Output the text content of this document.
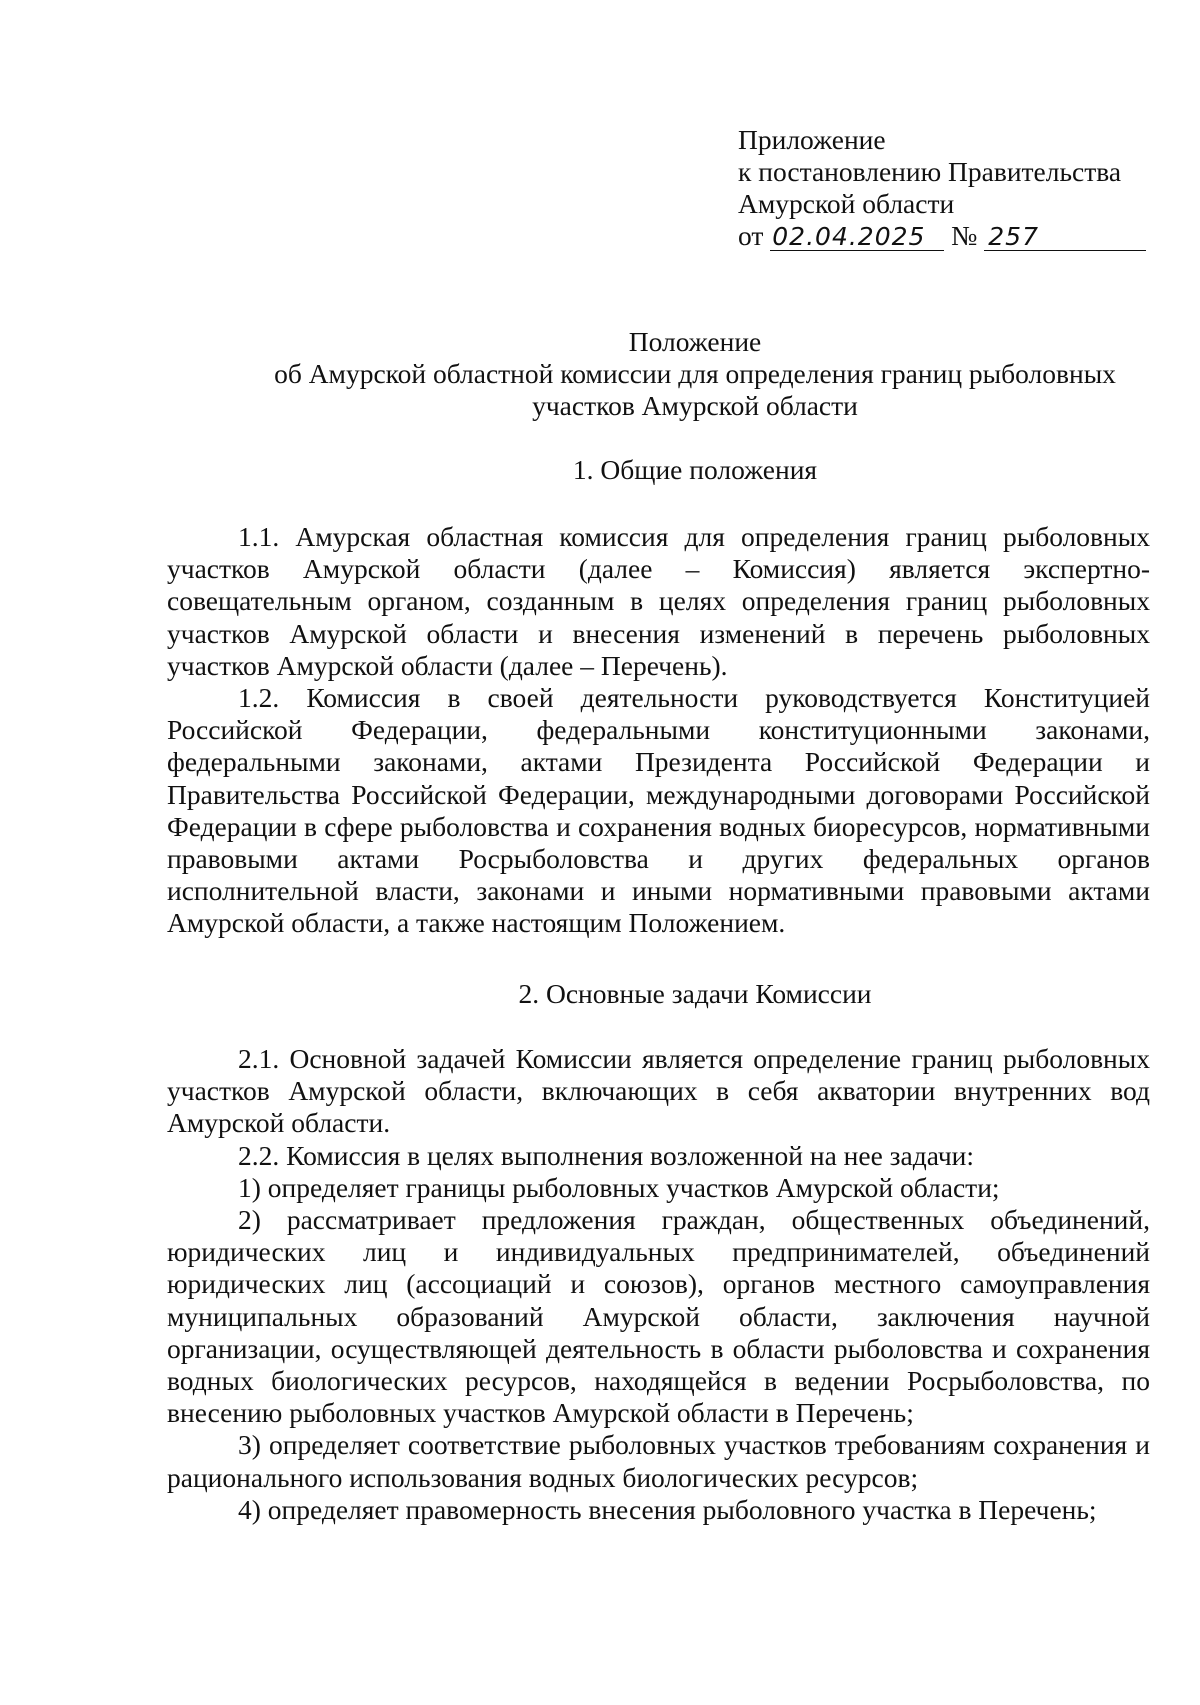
Приложение
к постановлению Правительства
Амурской области
от 02.04.2025 № 257
Положение
об Амурской областной комиссии для определения границ рыболовных
участков Амурской области
1. Общие положения

1.1. Амурская областная комиссия для определения границ рыболовных участков Амурской области (далее – Комиссия) является экспертно-совещательным органом, созданным в целях определения границ рыболовных участков Амурской области и внесения изменений в перечень рыболовных участков Амурской области (далее – Перечень).

1.2. Комиссия в своей деятельности руководствуется Конституцией Российской Федерации, федеральными конституционными законами, федеральными законами, актами Президента Российской Федерации и Правительства Российской Федерации, международными договорами Российской Федерации в сфере рыболовства и сохранения водных биоресурсов, нормативными правовыми актами Росрыболовства и других федеральных органов исполнительной власти, законами и иными нормативными правовыми актами Амурской области, а также настоящим Положением.

2. Основные задачи Комиссии

2.1. Основной задачей Комиссии является определение границ рыболовных участков Амурской области, включающих в себя акватории внутренних вод Амурской области.

2.2. Комиссия в целях выполнения возложенной на нее задачи:

1) определяет границы рыболовных участков Амурской области;

2) рассматривает предложения граждан, общественных объединений, юридических лиц и индивидуальных предпринимателей, объединений юридических лиц (ассоциаций и союзов), органов местного самоуправления муниципальных образований Амурской области, заключения научной организации, осуществляющей деятельность в области рыболовства и сохранения водных биологических ресурсов, находящейся в ведении Росрыболовства, по внесению рыболовных участков Амурской области в Перечень;

3) определяет соответствие рыболовных участков требованиям сохранения и рационального использования водных биологических ресурсов;

4) определяет правомерность внесения рыболовного участка в Перечень;
